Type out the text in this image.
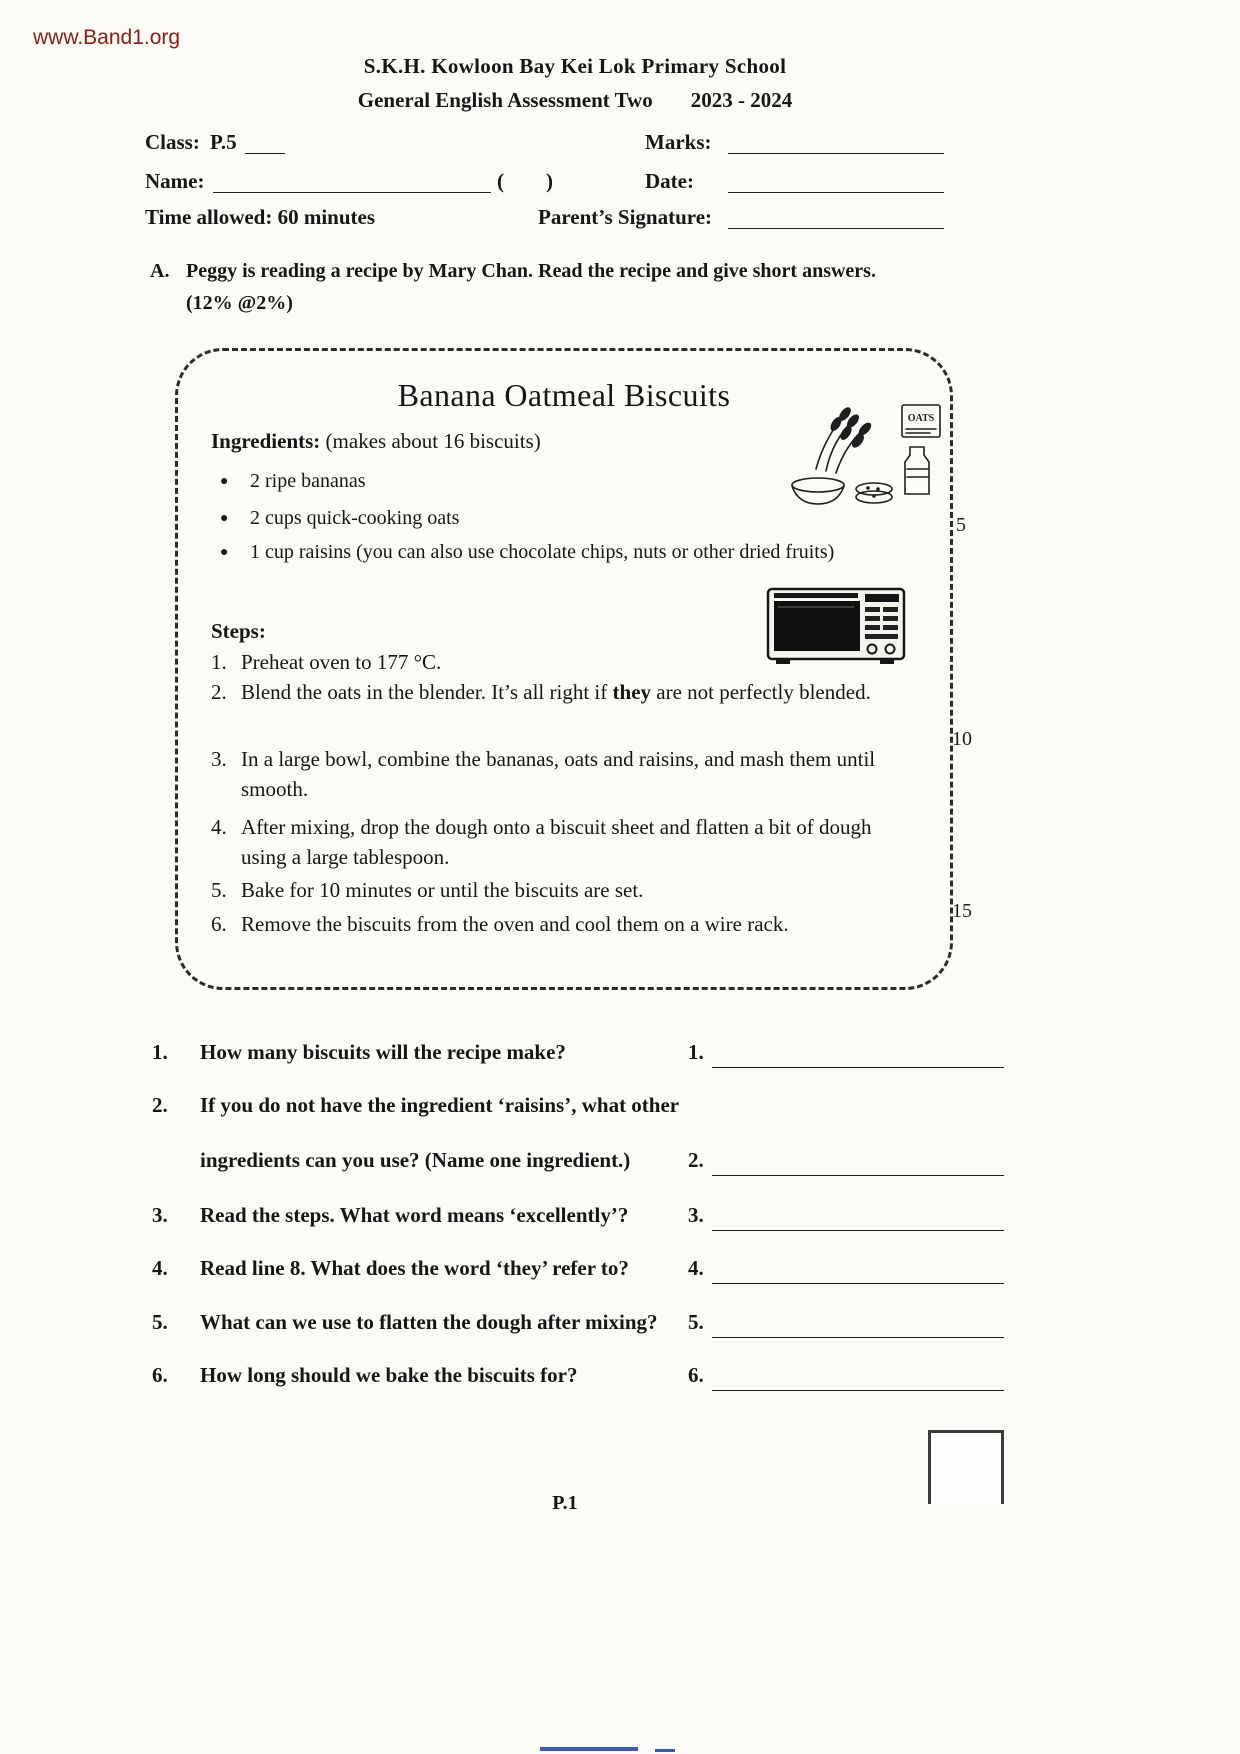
www.Band1.org
S.K.H. Kowloon Bay Kei Lok Primary School
General English Assessment Two 2023 - 2024
Class: P.5	Marks:
Name:	(        )	Date:
Time allowed: 60 minutes	Parent’s Signature:
A. Peggy is reading a recipe by Mary Chan. Read the recipe and give short answers.
(12% @2%)
Banana Oatmeal Biscuits
Ingredients: (makes about 16 biscuits)
● 2 ripe bananas
● 2 cups quick-cooking oats
● 1 cup raisins (you can also use chocolate chips, nuts or other dried fruits)
OATS
Steps:
1. Preheat oven to 177 °C.
2. Blend the oats in the blender. It’s all right if they are not perfectly blended.
3. In a large bowl, combine the bananas, oats and raisins, and mash them until smooth.
4. After mixing, drop the dough onto a biscuit sheet and flatten a bit of dough using a large tablespoon.
5. Bake for 10 minutes or until the biscuits are set.
6. Remove the biscuits from the oven and cool them on a wire rack.
5
10
15
1. How many biscuits will the recipe make?	1.
2. If you do not have the ingredient ‘raisins’, what other
ingredients can you use? (Name one ingredient.)	2.
3. Read the steps. What word means ‘excellently’?	3.
4. Read line 8. What does the word ‘they’ refer to?	4.
5. What can we use to flatten the dough after mixing? 5.
6. How long should we bake the biscuits for?	6.
P.1
